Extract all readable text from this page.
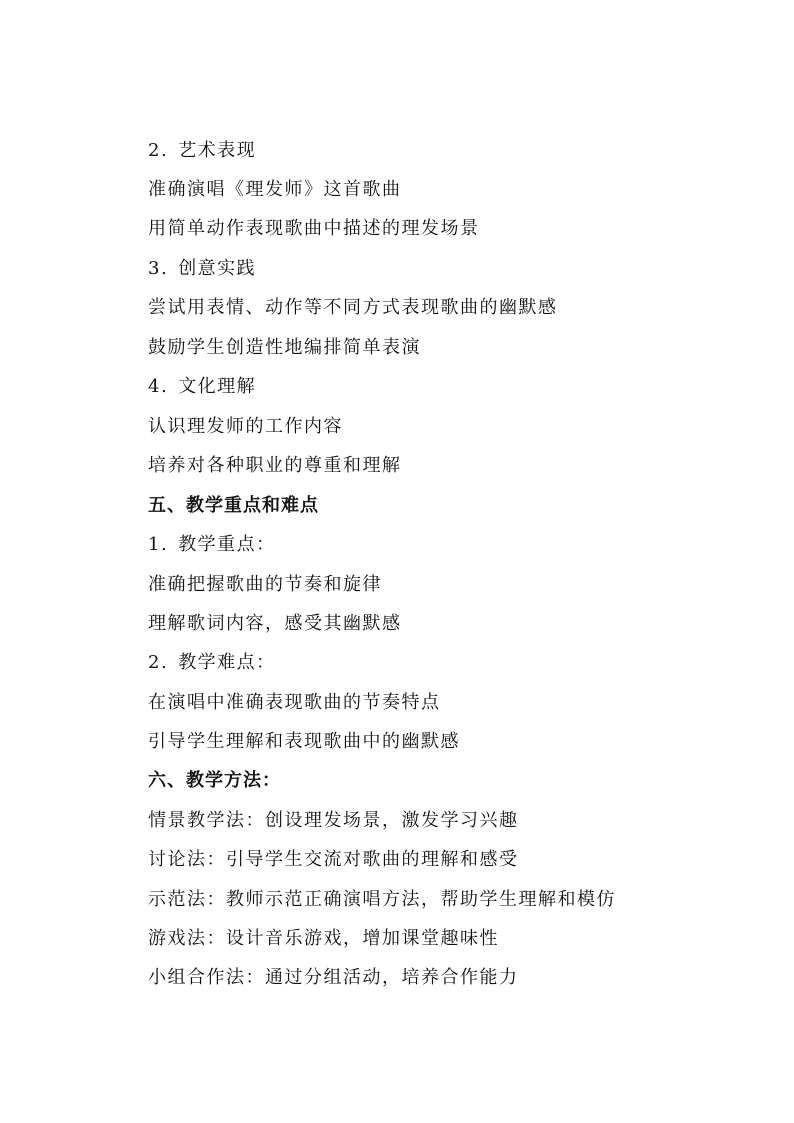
2. 艺术表现
准确演唱《理发师》这首歌曲
用简单动作表现歌曲中描述的理发场景
3. 创意实践
尝试用表情、动作等不同方式表现歌曲的幽默感
鼓励学生创造性地编排简单表演
4. 文化理解
认识理发师的工作内容
培养对各种职业的尊重和理解
五、教学重点和难点
1. 教学重点：
准确把握歌曲的节奏和旋律
理解歌词内容，感受其幽默感
2. 教学难点：
在演唱中准确表现歌曲的节奏特点
引导学生理解和表现歌曲中的幽默感
六、教学方法：
情景教学法：创设理发场景，激发学习兴趣
讨论法：引导学生交流对歌曲的理解和感受
示范法：教师示范正确演唱方法，帮助学生理解和模仿
游戏法：设计音乐游戏，增加课堂趣味性
小组合作法：通过分组活动，培养合作能力
